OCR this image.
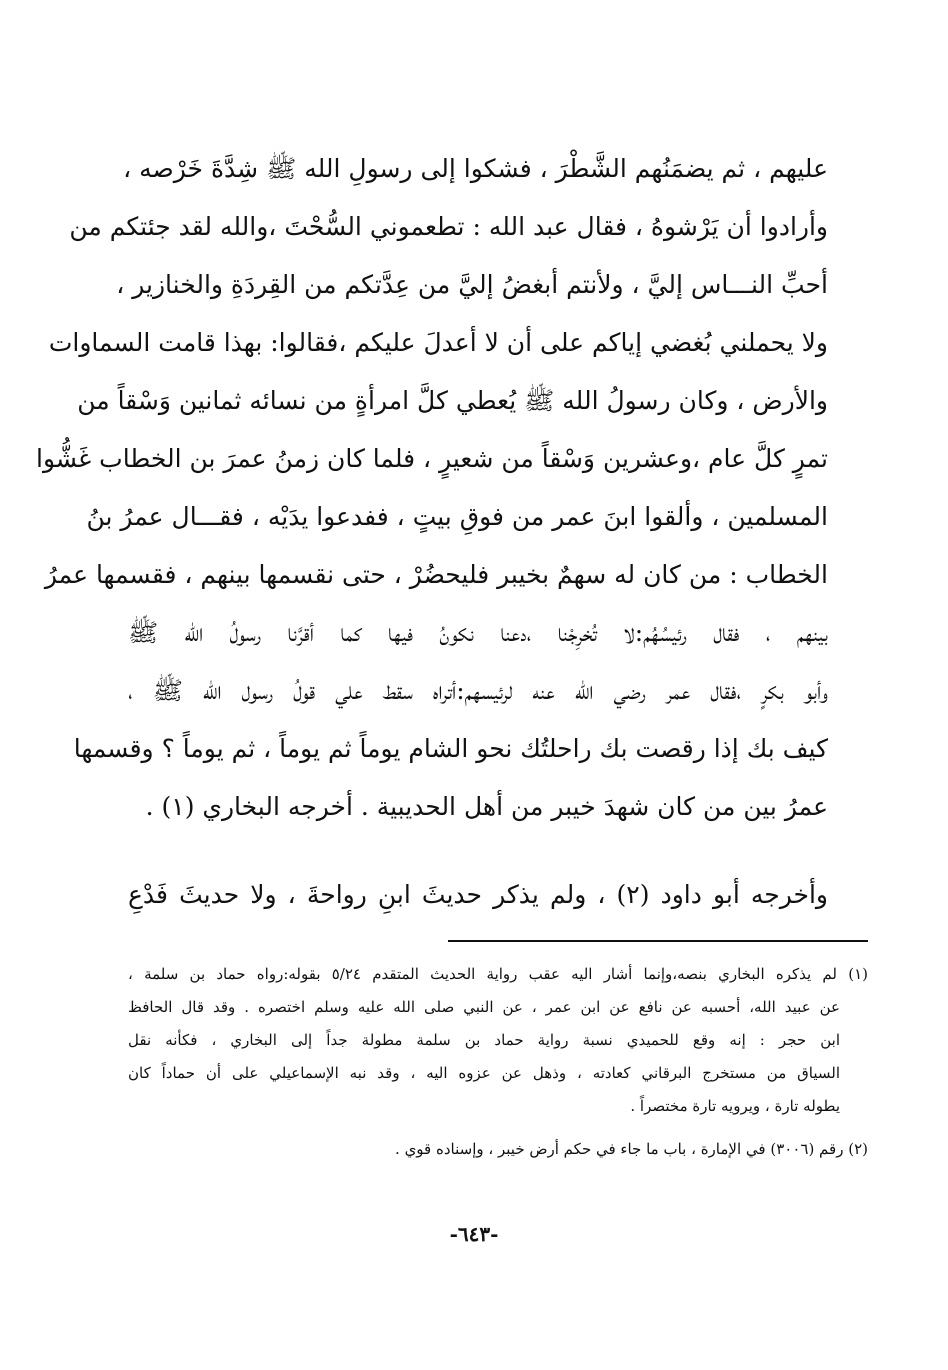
عليهم ، ثم يضمَنُهم الشَّطْرَ ، فشكوا إلى رسولِ الله ﷺ شِدَّةَ خَرْصه ،
وأرادوا أن يَرْشوهُ ، فقال عبد الله : تطعموني السُّحْتَ ،والله لقد جئتكم من
أحبِّ النـــاس إليَّ ، ولأنتم أبغضُ إليَّ من عِدَّتكم من القِردَةِ والخنازير ،
ولا يحملني بُغضي إياكم على أن لا أعدلَ عليكم ،فقالوا: بهذا قامت السماوات
والأرض ، وكان رسولُ الله ﷺ يُعطي كلَّ امرأةٍ من نسائه ثمانين وَسْقاً من
تمرٍ كلَّ عام ،وعشرين وَسْقاً من شعيرٍ ، فلما كان زمنُ عمرَ بن الخطاب غَشُّوا
المسلمين ، وألقوا ابنَ عمر من فوقِ بيتٍ ، ففدعوا يدَيْه ، فقـــال عمرُ بنُ
الخطاب : من كان له سهمٌ بخيبر فليحضُرْ ، حتى نقسمها بينهم ، فقسمها عمرُ
بينهم ، فقال رئيسُهُم:لا تُخرِجْنا ،دعنا نكونُ فيها كما أقرَّنا رسولُ الله ﷺ
وأبو بكرٍ ،فقال عمر رضي الله عنه لرئيسهم:أتراه سقط علي قولُ رسول الله ﷺ ،
كيف بك إذا رقصت بك راحلتُك نحو الشام يوماً ثم يوماً ، ثم يوماً ؟ وقسمها
عمرُ بين من كان شهدَ خيبر من أهل الحديبية . أخرجه البخاري (١) .
وأخرجه أبو داود (٢) ، ولم يذكر حديثَ ابنِ رواحةَ ، ولا حديثَ فَدْعِ
(١) لم يذكره البخاري بنصه،وإنما أشار اليه عقب رواية الحديث المتقدم ٥/٢٤ بقوله:رواه حماد بن سلمة ،
عن عبيد الله، أحسبه عن نافع عن ابن عمر ، عن النبي صلى الله عليه وسلم اختصره . وقد قال الحافظ
ابن حجر : إنه وقع للحميدي نسبة رواية حماد بن سلمة مطولة جداً إلى البخاري ، فكأنه نقل
السياق من مستخرج البرقاني كعادته ، وذهل عن عزوه اليه ، وقد نبه الإسماعيلي على أن حماداً كان
يطوله تارة ، ويرويه تارة مختصراً .
(٢) رقم (٣٠٠٦) في الإمارة ، باب ما جاء في حكم أرض خيبر ، وإسناده قوي .
-٦٤٣-
